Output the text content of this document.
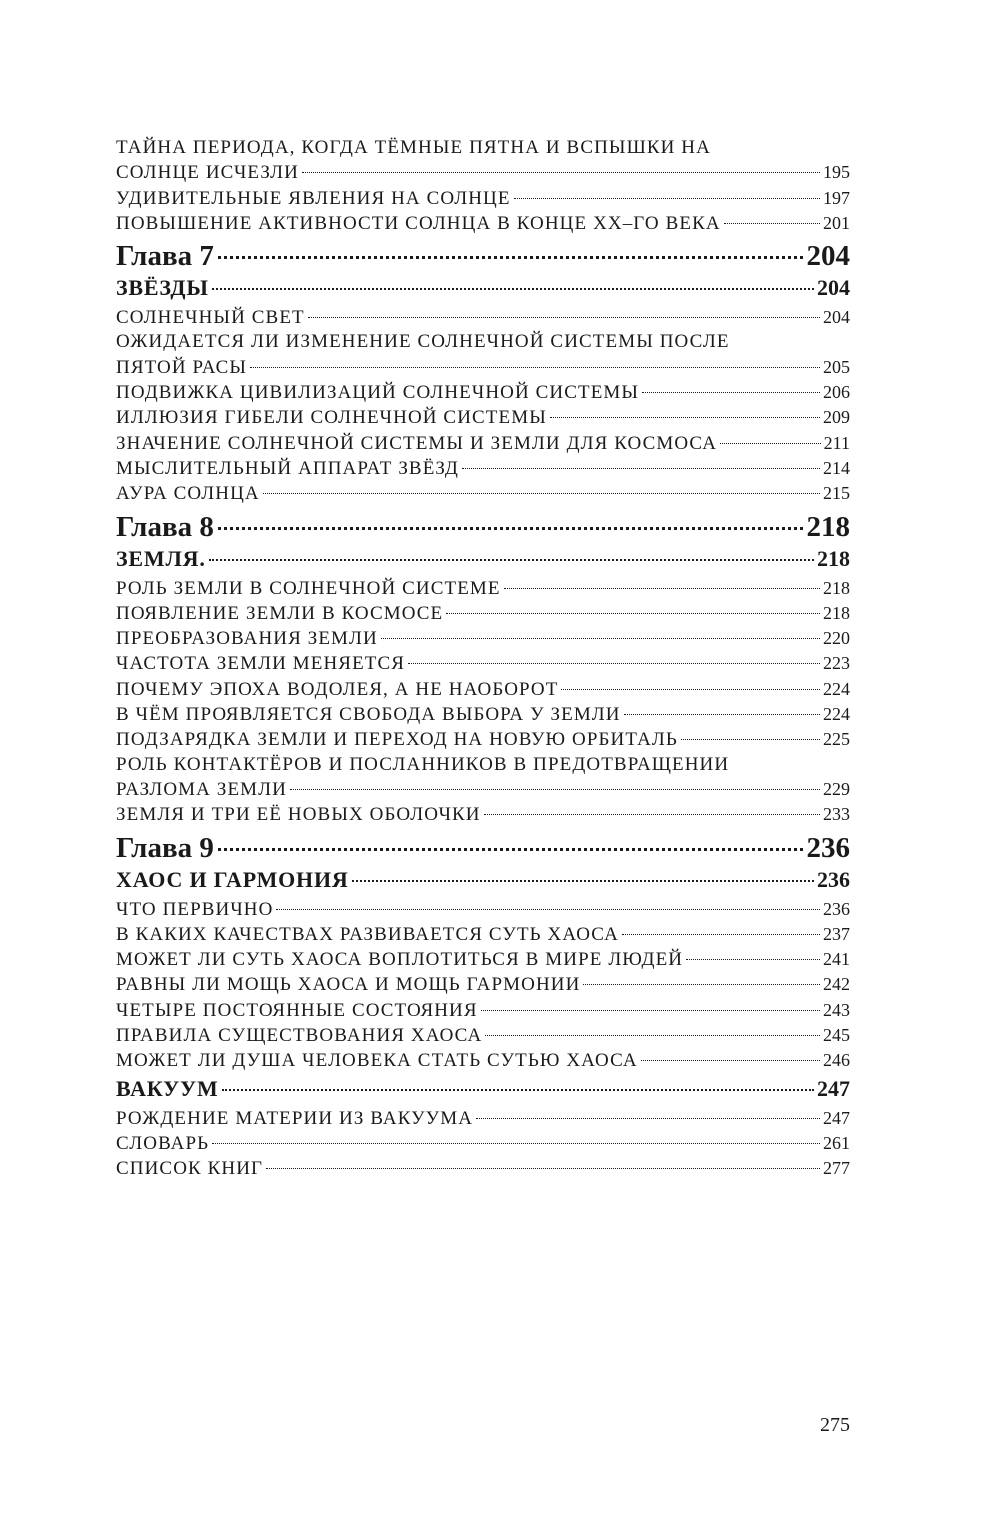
ТАЙНА ПЕРИОДА, КОГДА ТЁМНЫЕ ПЯТНА И ВСПЫШКИ НА
СОЛНЦЕ ИСЧЕЗЛИ	195
УДИВИТЕЛЬНЫЕ ЯВЛЕНИЯ НА СОЛНЦЕ	197
ПОВЫШЕНИЕ АКТИВНОСТИ СОЛНЦА В КОНЦЕ XX–ГО ВЕКА	201
Глава 7	204
ЗВЁЗДЫ	204
СОЛНЕЧНЫЙ СВЕТ	204
ОЖИДАЕТСЯ ЛИ ИЗМЕНЕНИЕ СОЛНЕЧНОЙ СИСТЕМЫ ПОСЛЕ
ПЯТОЙ РАСЫ	205
ПОДВИЖКА ЦИВИЛИЗАЦИЙ СОЛНЕЧНОЙ СИСТЕМЫ	206
ИЛЛЮЗИЯ ГИБЕЛИ СОЛНЕЧНОЙ СИСТЕМЫ	209
ЗНАЧЕНИЕ СОЛНЕЧНОЙ СИСТЕМЫ И ЗЕМЛИ ДЛЯ КОСМОСА	211
МЫСЛИТЕЛЬНЫЙ АППАРАТ ЗВЁЗД	214
АУРА СОЛНЦА	215
Глава 8	218
ЗЕМЛЯ.	218
РОЛЬ ЗЕМЛИ В СОЛНЕЧНОЙ СИСТЕМЕ	218
ПОЯВЛЕНИЕ ЗЕМЛИ В КОСМОСЕ	218
ПРЕОБРАЗОВАНИЯ ЗЕМЛИ	220
ЧАСТОТА ЗЕМЛИ МЕНЯЕТСЯ	223
ПОЧЕМУ ЭПОХА ВОДОЛЕЯ, А НЕ НАОБОРОТ	224
В ЧЁМ ПРОЯВЛЯЕТСЯ СВОБОДА ВЫБОРА У ЗЕМЛИ	224
ПОДЗАРЯДКА ЗЕМЛИ И ПЕРЕХОД НА НОВУЮ ОРБИТАЛЬ	225
РОЛЬ КОНТАКТЁРОВ И ПОСЛАННИКОВ В ПРЕДОТВРАЩЕНИИ
РАЗЛОМА ЗЕМЛИ	229
ЗЕМЛЯ И ТРИ ЕЁ НОВЫХ ОБОЛОЧКИ	233
Глава 9	236
ХАОС И ГАРМОНИЯ	236
ЧТО ПЕРВИЧНО	236
В КАКИХ КАЧЕСТВАХ РАЗВИВАЕТСЯ СУТЬ ХАОСА	237
МОЖЕТ ЛИ СУТЬ ХАОСА ВОПЛОТИТЬСЯ В МИРЕ ЛЮДЕЙ	241
РАВНЫ ЛИ МОЩЬ ХАОСА И МОЩЬ ГАРМОНИИ	242
ЧЕТЫРЕ ПОСТОЯННЫЕ СОСТОЯНИЯ	243
ПРАВИЛА СУЩЕСТВОВАНИЯ ХАОСА	245
МОЖЕТ ЛИ ДУША ЧЕЛОВЕКА СТАТЬ СУТЬЮ ХАОСА	246
ВАКУУМ	247
РОЖДЕНИЕ МАТЕРИИ ИЗ ВАКУУМА	247
СЛОВАРЬ	261
СПИСОК КНИГ	277
275
